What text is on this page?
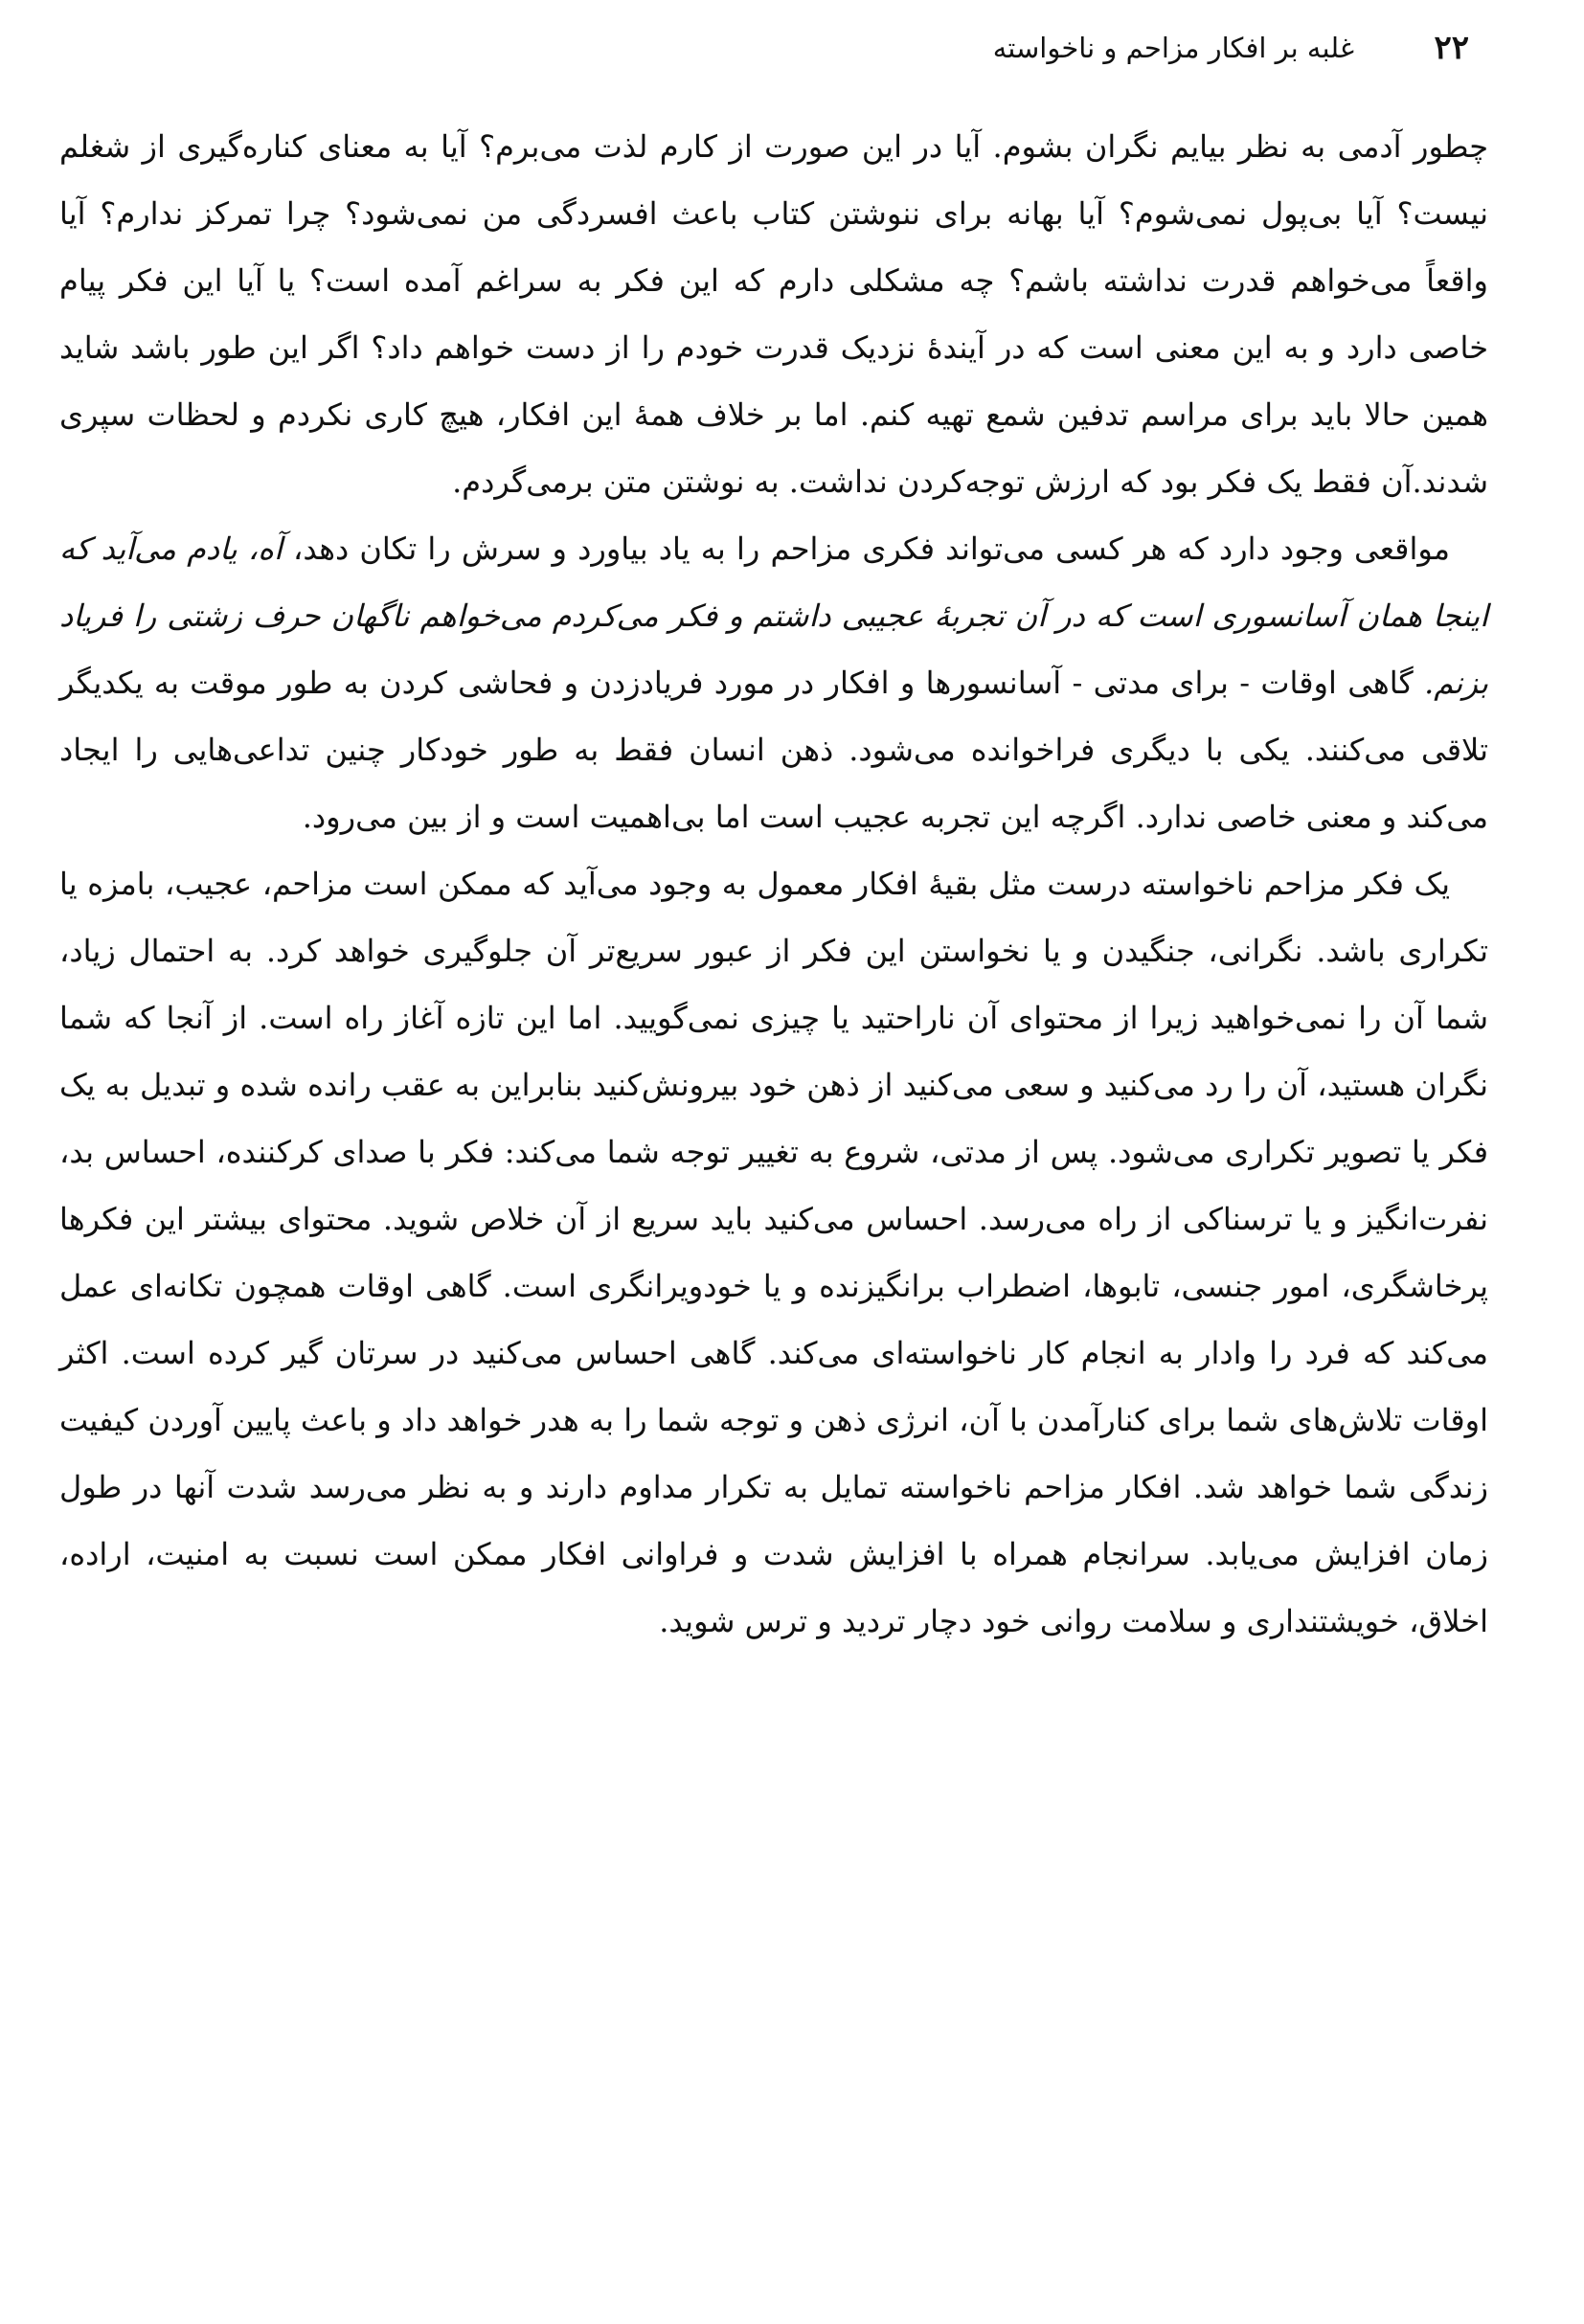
۲۲
غلبه بر افکار مزاحم و ناخواسته

چطور آدمی به نظر بیایم نگران بشوم. آیا در این صورت از کارم لذت می‌برم؟ آیا به معنای کناره‌گیری از شغلم نیست؟ آیا بی‌پول نمی‌شوم؟ آیا بهانه برای ننوشتن کتاب باعث افسردگی من نمی‌شود؟ چرا تمرکز ندارم؟ آیا واقعاً می‌خواهم قدرت نداشته باشم؟ چه مشکلی دارم که این فکر به سراغم آمده است؟ یا آیا این فکر پیام خاصی دارد و به این معنی است که در آیندهٔ نزدیک قدرت خودم را از دست خواهم داد؟ اگر این طور باشد شاید همین حالا باید برای مراسم تدفین شمع تهیه کنم. اما بر خلاف همهٔ این افکار، هیچ کاری نکردم و لحظات سپری شدند.آن فقط یک فکر بود که ارزش توجه‌کردن نداشت. به نوشتن متن برمی‌گردم.

مواقعی وجود دارد که هر کسی می‌تواند فکری مزاحم را به یاد بیاورد و سرش را تکان دهد، آه، یادم می‌آید که اینجا همان آسانسوری است که در آن تجربهٔ عجیبی داشتم و فکر می‌کردم می‌خواهم ناگهان حرف زشتی را فریاد بزنم. گاهی اوقات - برای مدتی - آسانسورها و افکار در مورد فریادزدن و فحاشی کردن به طور موقت به یکدیگر تلاقی می‌کنند. یکی با دیگری فراخوانده می‌شود. ذهن انسان فقط به طور خودکار چنین تداعی‌هایی را ایجاد می‌کند و معنی خاصی ندارد. اگرچه این تجربه عجیب است اما بی‌اهمیت است و از بین می‌رود.

یک فکر مزاحم ناخواسته درست مثل بقیهٔ افکار معمول به وجود می‌آید که ممکن است مزاحم، عجیب، بامزه یا تکراری باشد. نگرانی، جنگیدن و یا نخواستن این فکر از عبور سریع‌تر آن جلوگیری خواهد کرد. به احتمال زیاد، شما آن را نمی‌خواهید زیرا از محتوای آن ناراحتید یا چیزی نمی‌گویید. اما این تازه آغاز راه است. از آنجا که شما نگران هستید، آن را رد می‌کنید و سعی می‌کنید از ذهن خود بیرونش‌کنید بنابراین به عقب رانده شده و تبدیل به یک فکر یا تصویر تکراری می‌شود. پس از مدتی، شروع به تغییر توجه شما می‌کند: فکر با صدای کرکننده، احساس بد، نفرت‌انگیز و یا ترسناکی از راه می‌رسد. احساس می‌کنید باید سریع از آن خلاص شوید. محتوای بیشتر این فکرها پرخاشگری، امور جنسی، تابوها، اضطراب برانگیزنده و یا خودویرانگری است. گاهی اوقات همچون تکانه‌ای عمل می‌کند که فرد را وادار به انجام کار ناخواسته‌ای می‌کند. گاهی احساس می‌کنید در سرتان گیر کرده است. اکثر اوقات تلاش‌های شما برای کنارآمدن با آن، انرژی ذهن و توجه شما را به هدر خواهد داد و باعث پایین آوردن کیفیت زندگی شما خواهد شد. افکار مزاحم ناخواسته تمایل به تکرار مداوم دارند و به نظر می‌رسد شدت آنها در طول زمان افزایش می‌یابد. سرانجام همراه با افزایش شدت و فراوانی افکار ممکن است نسبت به امنیت، اراده، اخلاق، خویشتنداری و سلامت روانی خود دچار تردید و ترس شوید.
